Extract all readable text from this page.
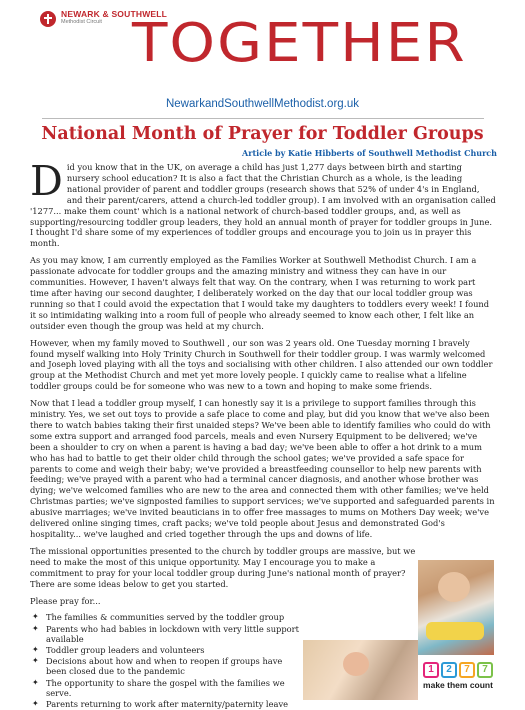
NEWARK & SOUTHWELL
Methodist Circuit TOGETHER
NewarkandSouthwellMethodist.org.uk
National Month of Prayer for Toddler Groups
Article by Katie Hibberts of Southwell Methodist Church

Did you know that in the UK, on average a child has just 1,277 days between birth and starting nursery school education? It is also a fact that the Christian Church as a whole, is the leading national provider of parent and toddler groups (research shows that 52% of under 4's in England, and their parent/carers, attend a church-led toddler group). I am involved with an organisation called '1277... make them count' which is a national network of church-based toddler groups, and, as well as supporting/resourcing toddler group leaders, they hold an annual month of prayer for toddler groups in June. I thought I'd share some of my experiences of toddler groups and encourage you to join us in prayer this month.

As you may know, I am currently employed as the Families Worker at Southwell Methodist Church. I am a passionate advocate for toddler groups and the amazing ministry and witness they can have in our communities. However, I haven't always felt that way. On the contrary, when I was returning to work part time after having our second daughter, I deliberately worked on the day that our local toddler group was running so that I could avoid the expectation that I would take my daughters to toddlers every week! I found it so intimidating walking into a room full of people who already seemed to know each other, I felt like an outsider even though the group was held at my church.

However, when my family moved to Southwell , our son was 2 years old. One Tuesday morning I bravely found myself walking into Holy Trinity Church in Southwell for their toddler group. I was warmly welcomed and Joseph loved playing with all the toys and socialising with other children. I also attended our own toddler group at the Methodist Church and met yet more lovely people. I quickly came to realise what a lifeline toddler groups could be for someone who was new to a town and hoping to make some friends.

Now that I lead a toddler group myself, I can honestly say it is a privilege to support families through this ministry. Yes, we set out toys to provide a safe place to come and play, but did you know that we've also been there to watch babies taking their first unaided steps? We've been able to identify families who could do with some extra support and arranged food parcels, meals and even Nursery Equipment to be delivered; we've been a shoulder to cry on when a parent is having a bad day; we've been able to offer a hot drink to a mum who has had to battle to get their older child through the school gates; we've provided a safe space for parents to come and weigh their baby; we've provided a breastfeeding counsellor to help new parents with feeding; we've prayed with a parent who had a terminal cancer diagnosis, and another whose brother was dying; we've welcomed families who are new to the area and connected them with other families; we've held Christmas parties; we've signposted families to support services; we've supported and safeguarded parents in abusive marriages; we've invited beauticians in to offer free massages to mums on Mothers Day week; we've delivered online singing times, craft packs; we've told people about Jesus and demonstrated God's hospitality... we've laughed and cried together through the ups and downs of life.

The missional opportunities presented to the church by toddler groups are massive, but we need to make the most of this unique opportunity. May I encourage you to make a commitment to pray for your local toddler group during June's national month of prayer? There are some ideas below to get you started.

Please pray for...

✦ The families & communities served by the toddler group
✦ Parents who had babies in lockdown with very little support available
✦ Toddler group leaders and volunteers
✦ Decisions about how and when to reopen if groups have been closed due to the pandemic
✦ The opportunity to share the gospel with the families we serve.
✦ Parents returning to work after maternity/paternity leave
1	2	7	7
make them count
